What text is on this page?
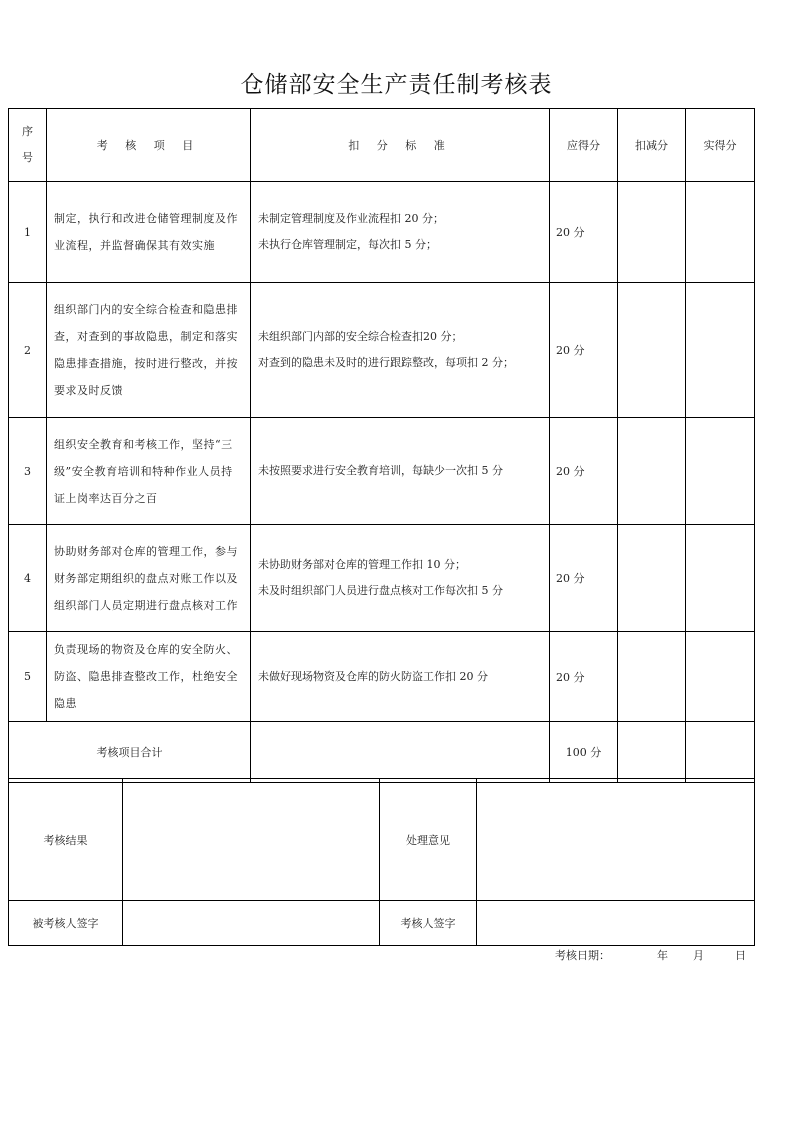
仓储部安全生产责任制考核表
序
号	考 核 项 目	扣 分 标 准	应得分	扣减分	实得分
1	制定，执行和改进仓储管理制度及作业流程，并监督确保其有效实施	未制定管理制度及作业流程扣 20 分；
未执行仓库管理制定，每次扣 5 分；	20 分		
2	组织部门内的安全综合检查和隐患排查，对查到的事故隐患，制定和落实隐患排查措施，按时进行整改，并按要求及时反馈	未组织部门内部的安全综合检查扣20 分；
对查到的隐患未及时的进行跟踪整改，每项扣 2 分；	20 分		
3	组织安全教育和考核工作，坚持“三级”安全教育培训和特种作业人员持证上岗率达百分之百	未按照要求进行安全教育培训，每缺少一次扣 5 分	20 分		
4	协助财务部对仓库的管理工作，参与财务部定期组织的盘点对账工作以及组织部门人员定期进行盘点核对工作	未协助财务部对仓库的管理工作扣 10 分；
未及时组织部门人员进行盘点核对工作每次扣 5 分	20 分		
5	负责现场的物资及仓库的安全防火、防盗、隐患排查整改工作，杜绝安全隐患	未做好现场物资及仓库的防火防盗工作扣 20 分	20 分		
考核项目合计			100 分		
考核结果		处理意见	
被考核人签字		考核人签字	
考核日期：	年 月	日
